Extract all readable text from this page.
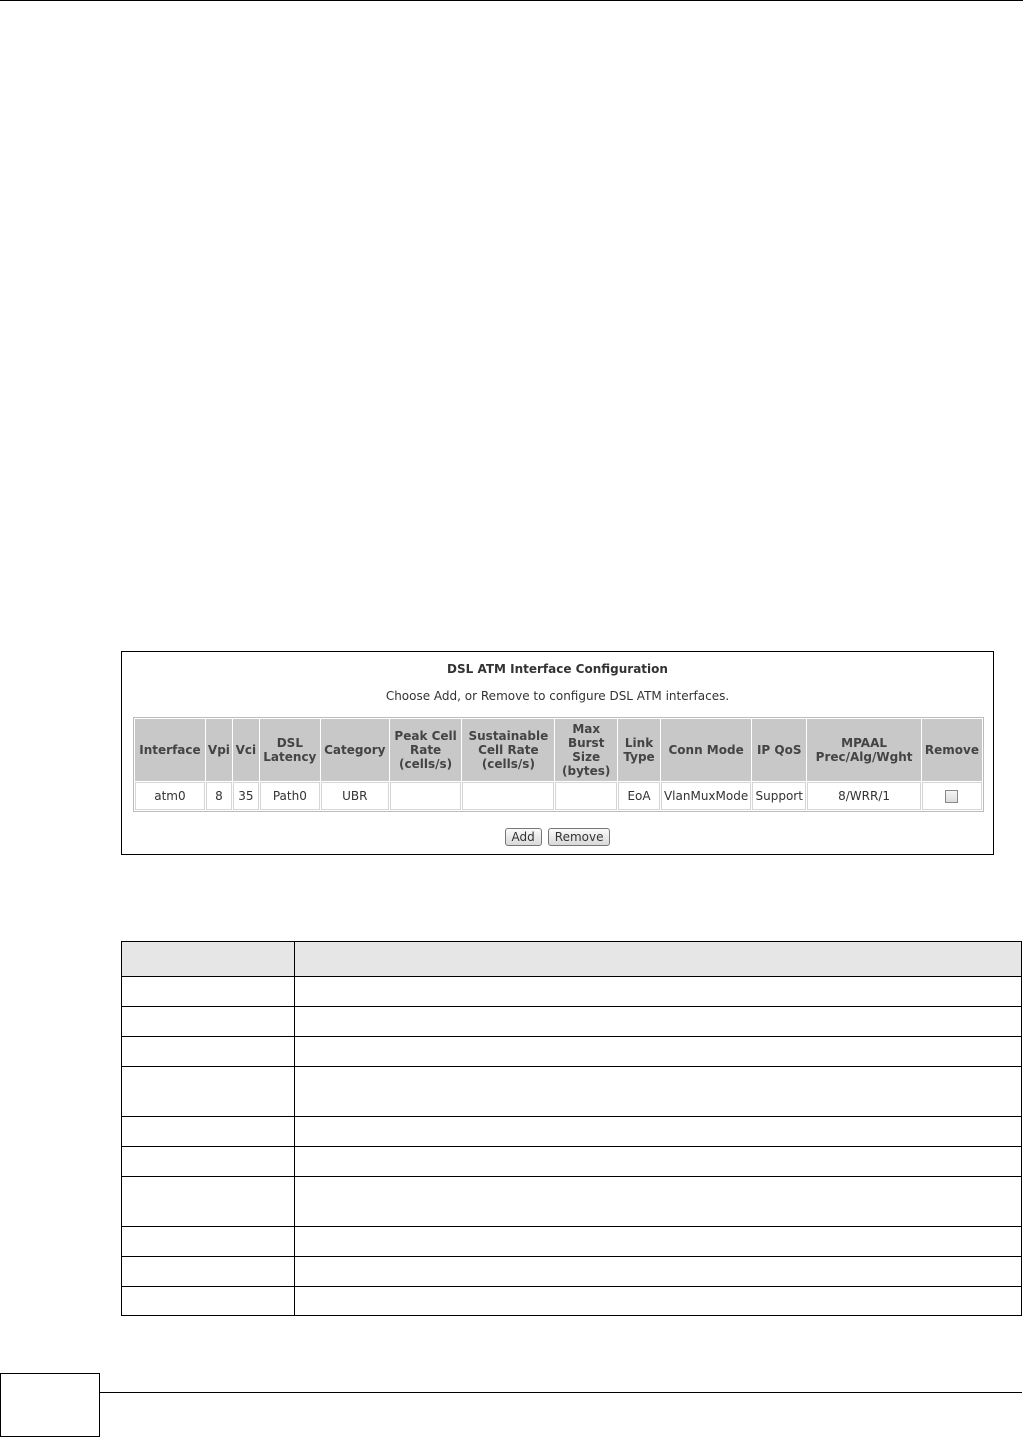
DSL ATM Interface Configuration
Choose Add, or Remove to configure DSL ATM interfaces.
Interface	Vpi	Vci	DSL Latency	Category	Peak Cell Rate (cells/s)	Sustainable Cell Rate (cells/s)	Max Burst Size (bytes)	Link Type	Conn Mode	IP QoS	MPAAL Prec/Alg/Wght	Remove
atm0	8	35	Path0	UBR				EoA	VlanMuxMode	Support	8/WRR/1	
Add Remove
